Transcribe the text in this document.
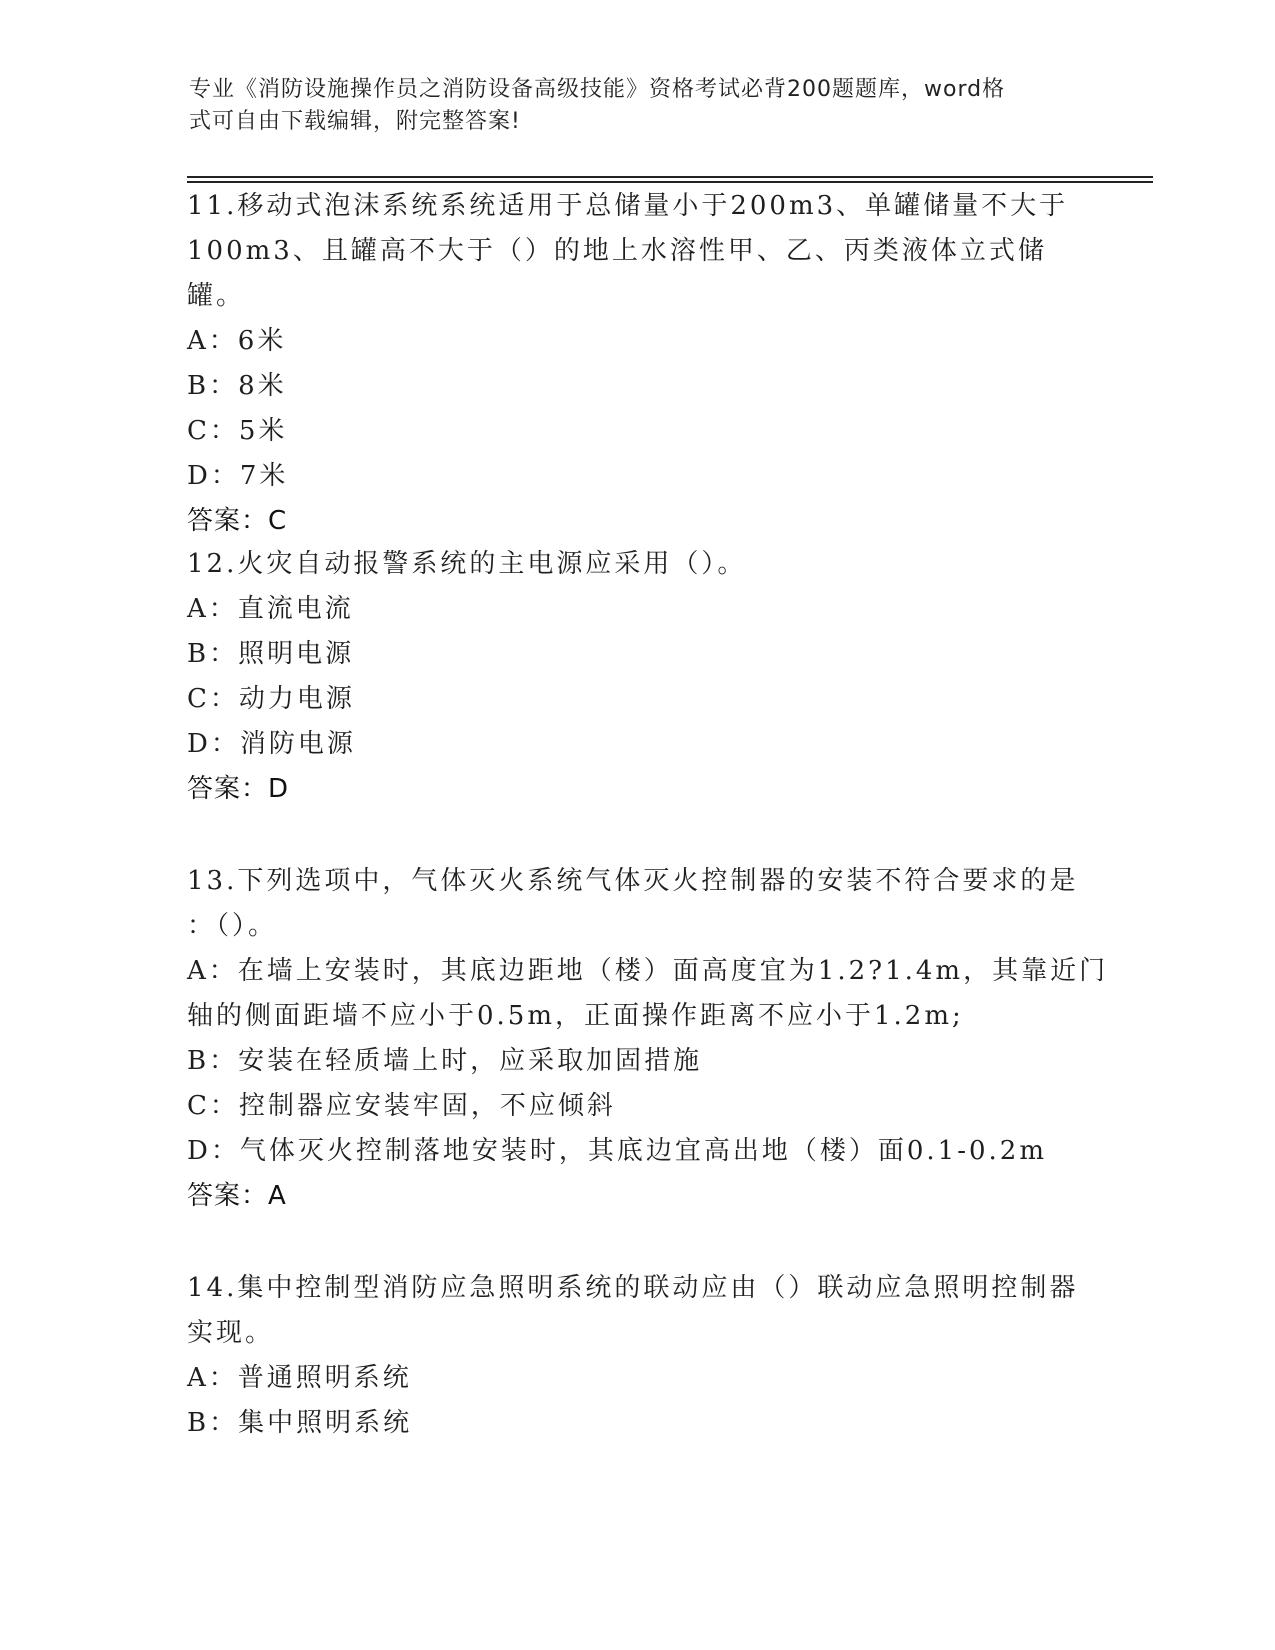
专业《消防设施操作员之消防设备高级技能》资格考试必背200题题库，word格
式可自由下载编辑，附完整答案!

11.移动式泡沫系统系统适用于总储量小于200m3、单罐储量不大于

100m3、且罐高不大于（）的地上水溶性甲、乙、丙类液体立式储罐。

A：6米

B：8米

C：5米

D：7米

答案：C

12.火灾自动报警系统的主电源应采用（）。

A：直流电流

B：照明电源

C：动力电源

D：消防电源

答案：D

13.下列选项中，气体灭火系统气体灭火控制器的安装不符合要求的是

：（）。

A：在墙上安装时，其底边距地（楼）面高度宜为1.2?1.4m，其靠近门

轴的侧面距墙不应小于0.5m，正面操作距离不应小于1.2m;

B：安装在轻质墙上时，应采取加固措施

C：控制器应安装牢固，不应倾斜

D：气体灭火控制落地安装时，其底边宜高出地（楼）面0.1-0.2m

答案：A

14.集中控制型消防应急照明系统的联动应由（）联动应急照明控制器

实现。

A：普通照明系统

B：集中照明系统
